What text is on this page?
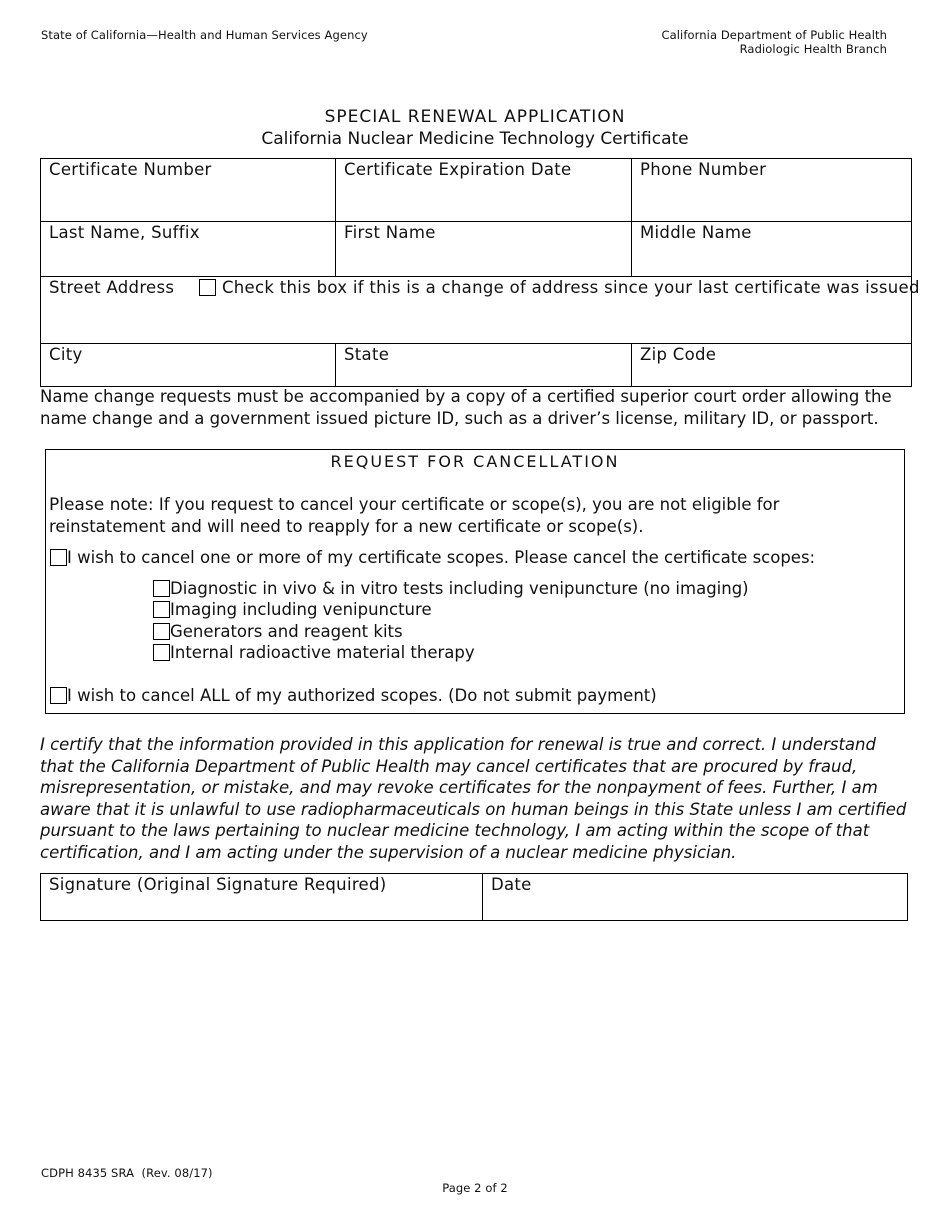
State of California—Health and Human Services Agency	California Department of Public Health
Radiologic Health Branch
SPECIAL RENEWAL APPLICATION
California Nuclear Medicine Technology Certificate
Certificate Number	Certificate Expiration Date	Phone Number
Last Name, Suffix	First Name	Middle Name
Street Address Check this box if this is a change of address since your last certificate was issued		
City	State	Zip Code
Name change requests must be accompanied by a copy of a certified superior court order allowing the name change and a government issued picture ID, such as a driver’s license, military ID, or passport.
REQUEST FOR CANCELLATION
Please note: If you request to cancel your certificate or scope(s), you are not eligible for reinstatement and will need to reapply for a new certificate or scope(s).
I wish to cancel one or more of my certificate scopes. Please cancel the certificate scopes:
Diagnostic in vivo & in vitro tests including venipuncture (no imaging)
Imaging including venipuncture
Generators and reagent kits
Internal radioactive material therapy
I wish to cancel ALL of my authorized scopes. (Do not submit payment)
I certify that the information provided in this application for renewal is true and correct. I understand that the California Department of Public Health may cancel certificates that are procured by fraud, misrepresentation, or mistake, and may revoke certificates for the nonpayment of fees. Further, I am aware that it is unlawful to use radiopharmaceuticals on human beings in this State unless I am certified pursuant to the laws pertaining to nuclear medicine technology, I am acting within the scope of that certification, and I am acting under the supervision of a nuclear medicine physician.
Signature (Original Signature Required)	Date
CDPH 8435 SRA  (Rev. 08/17)
Page 2 of 2
